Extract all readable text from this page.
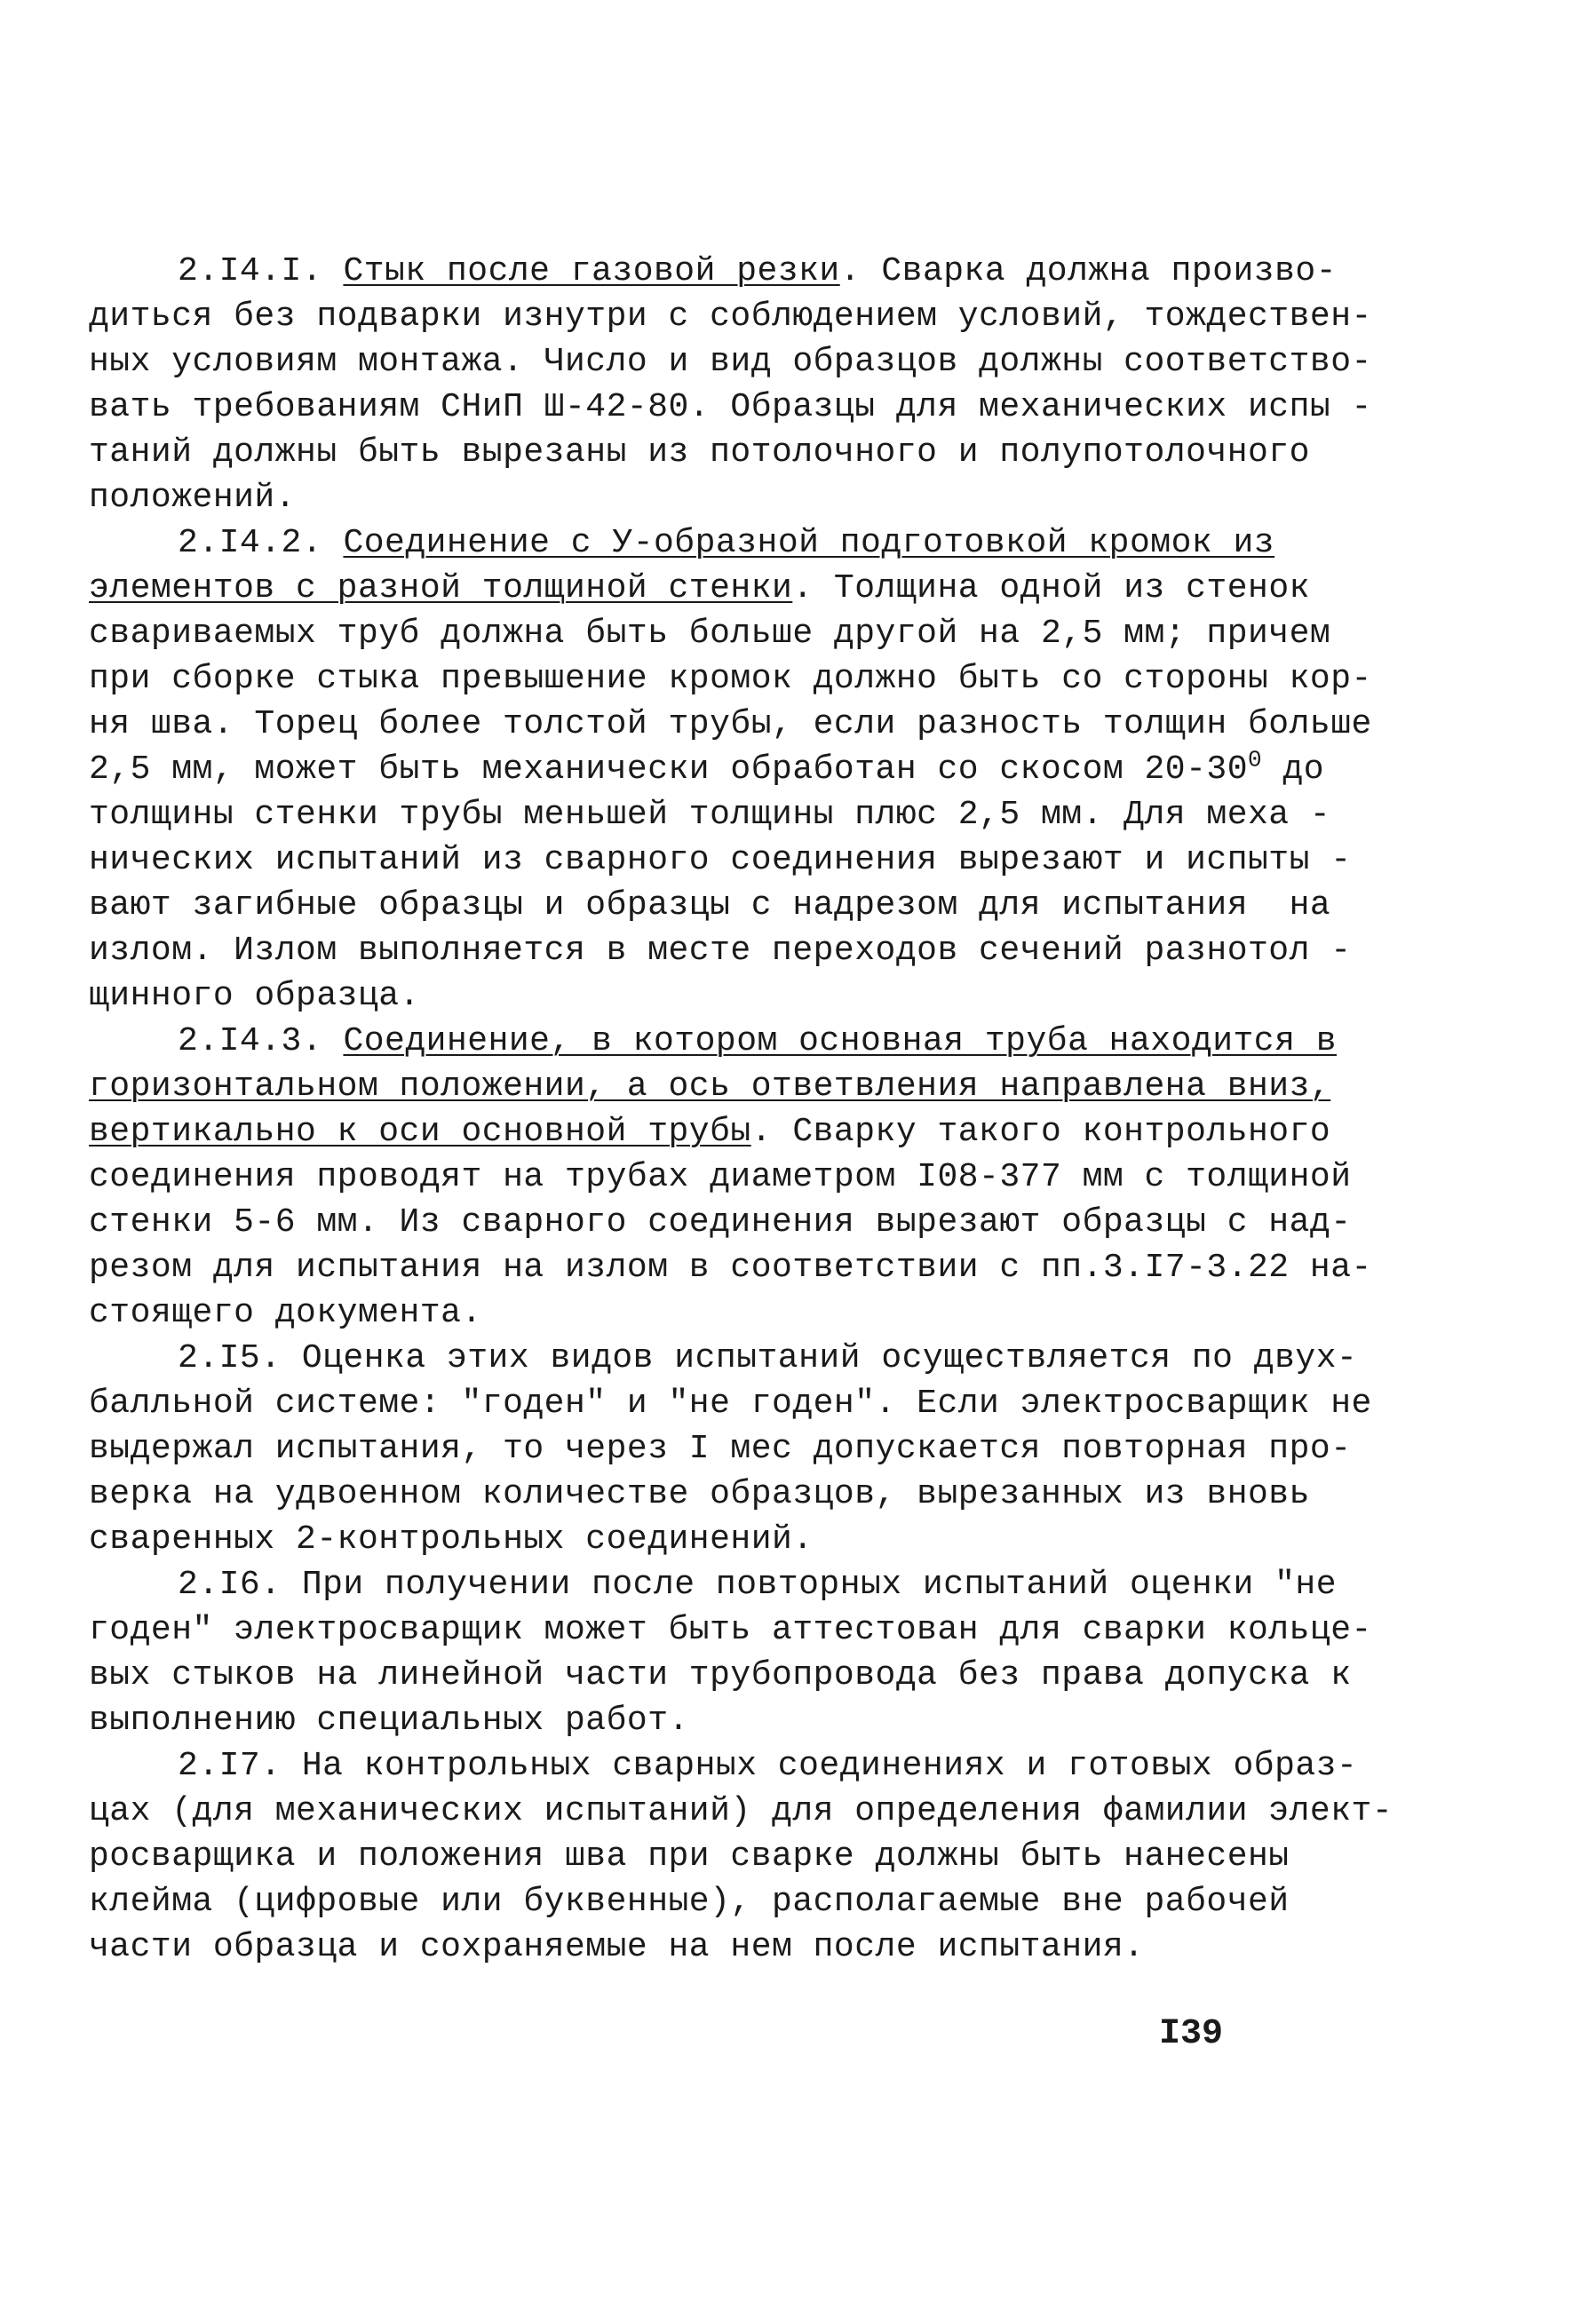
2.I4.I. Стык после газовой резки. Сварка должна произво-
диться без подварки изнутри с соблюдением условий, тождествен-
ных условиям монтажа. Число и вид образцов должны соответство-
вать требованиям СНиП Ш-42-80. Образцы для механических испы -
таний должны быть вырезаны из потолочного и полупотолочного
положений.
2.I4.2. Соединение с У-образной подготовкой кромок из
элементов с разной толщиной стенки. Толщина одной из стенок
свариваемых труб должна быть больше другой на 2,5 мм; причем
при сборке стыка превышение кромок должно быть со стороны кор-
ня шва. Торец более толстой трубы, если разность толщин больше
2,5 мм, может быть механически обработан со скосом $20-30^0$ до
толщины стенки трубы меньшей толщины плюс 2,5 мм. Для меха -
нических испытаний из сварного соединения вырезают и испыты -
вают загибные образцы и образцы с надрезом для испытания  на
излом. Излом выполняется в месте переходов сечений разнотол -
щинного образца.
2.I4.3. Соединение, в котором основная труба находится в
горизонтальном положении, а ось ответвления направлена вниз,
вертикально к оси основной трубы. Сварку такого контрольного
соединения проводят на трубах диаметром I08-377 мм с толщиной
стенки 5-6 мм. Из сварного соединения вырезают образцы с над-
резом для испытания на излом в соответствии с пп.3.I7-3.22 на-
стоящего документа.
2.I5. Оценка этих видов испытаний осуществляется по двух-
балльной системе: "годен" и "не годен". Если электросварщик не
выдержал испытания, то через I мес допускается повторная про-
верка на удвоенном количестве образцов, вырезанных из вновь
сваренных 2-контрольных соединений.
2.I6. При получении после повторных испытаний оценки "не
годен" электросварщик может быть аттестован для сварки кольце-
вых стыков на линейной части трубопровода без права допуска к
выполнению специальных работ.
2.I7. На контрольных сварных соединениях и готовых образ-
цах (для механических испытаний) для определения фамилии элект-
росварщика и положения шва при сварке должны быть нанесены
клейма (цифровые или буквенные), располагаемые вне рабочей
части образца и сохраняемые на нем после испытания.
I39
